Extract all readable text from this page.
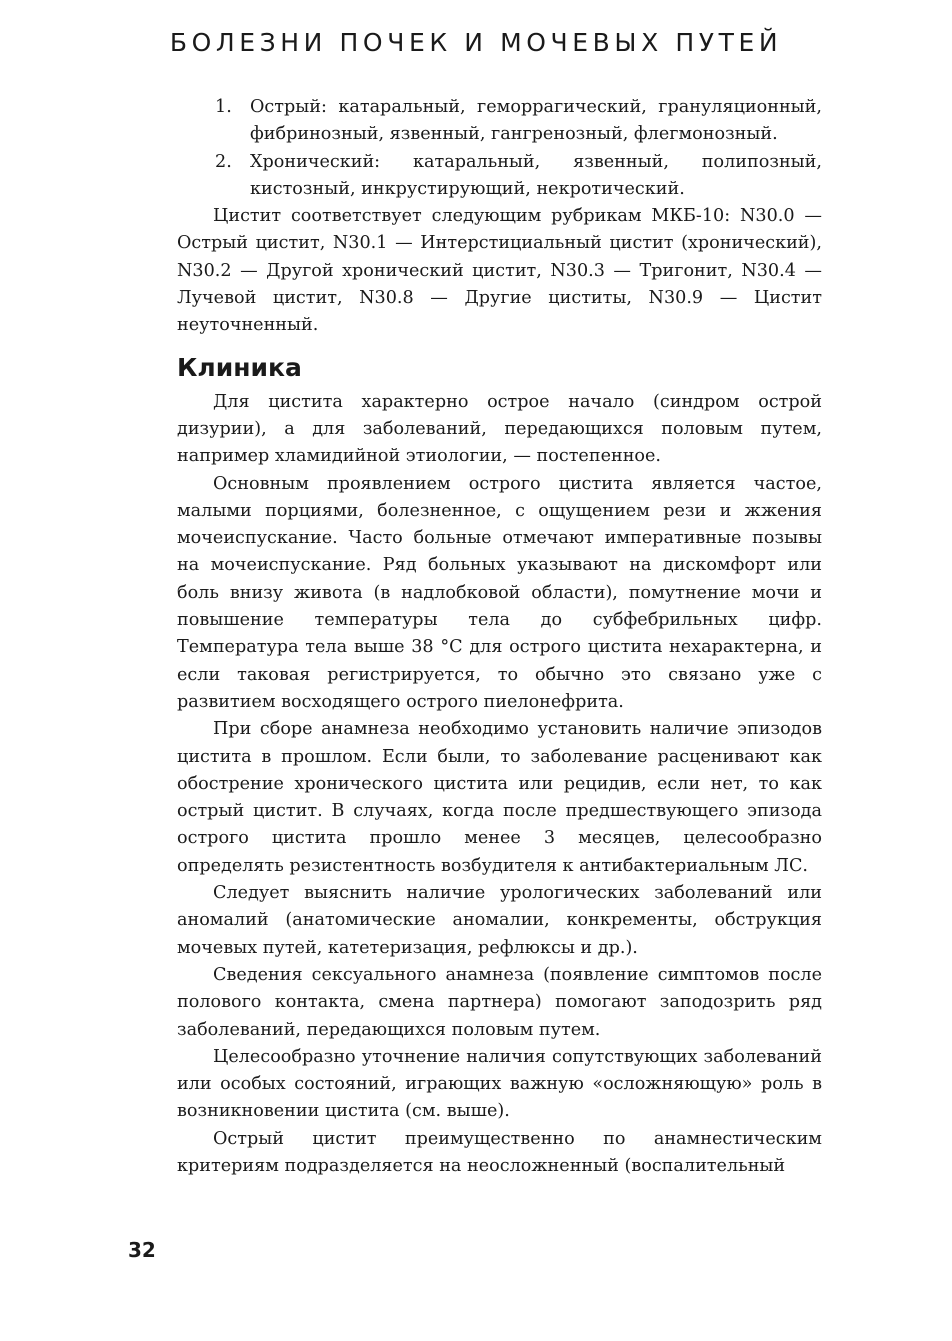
БОЛЕЗНИ ПОЧЕК И МОЧЕВЫХ ПУТЕЙ
1. Острый: катаральный, геморрагический, грануляционный, фибринозный, язвенный, гангренозный, флегмонозный.
2. Хронический: катаральный, язвенный, полипозный, кистозный, инкрустирующий, некротический.

Цистит соответствует следующим рубрикам МКБ-10: N30.0 — Острый цистит, N30.1 — Интерстициальный цистит (хронический), N30.2 — Другой хронический цистит, N30.3 — Тригонит, N30.4 — Лучевой цистит, N30.8 — Другие циститы, N30.9 — Цистит неуточненный.

Клиника

Для цистита характерно острое начало (синдром острой дизурии), а для заболеваний, передающихся половым путем, например хламидийной этиологии, — постепенное.

Основным проявлением острого цистита является частое, малыми порциями, болезненное, с ощущением рези и жжения мочеиспускание. Часто больные отмечают императивные позывы на мочеиспускание. Ряд больных указывают на дискомфорт или боль внизу живота (в надлобковой области), помутнение мочи и повышение температуры тела до субфебрильных цифр. Температура тела выше 38 °С для острого цистита нехарактерна, и если таковая регистрируется, то обычно это связано уже с развитием восходящего острого пиелонефрита.

При сборе анамнеза необходимо установить наличие эпизодов цистита в прошлом. Если были, то заболевание расценивают как обострение хронического цистита или рецидив, если нет, то как острый цистит. В случаях, когда после предшествующего эпизода острого цистита прошло менее 3 месяцев, целесообразно определять резистентность возбудителя к антибактериальным ЛС.

Следует выяснить наличие урологических заболеваний или аномалий (анатомические аномалии, конкременты, обструкция мочевых путей, катетеризация, рефлюксы и др.).

Сведения сексуального анамнеза (появление симптомов после полового контакта, смена партнера) помогают заподозрить ряд заболеваний, передающихся половым путем.

Целесообразно уточнение наличия сопутствующих заболеваний или особых состояний, играющих важную «осложняющую» роль в возникновении цистита (см. выше).

Острый цистит преимущественно по анамнестическим критериям подразделяется на неосложненный (воспалительный

32
